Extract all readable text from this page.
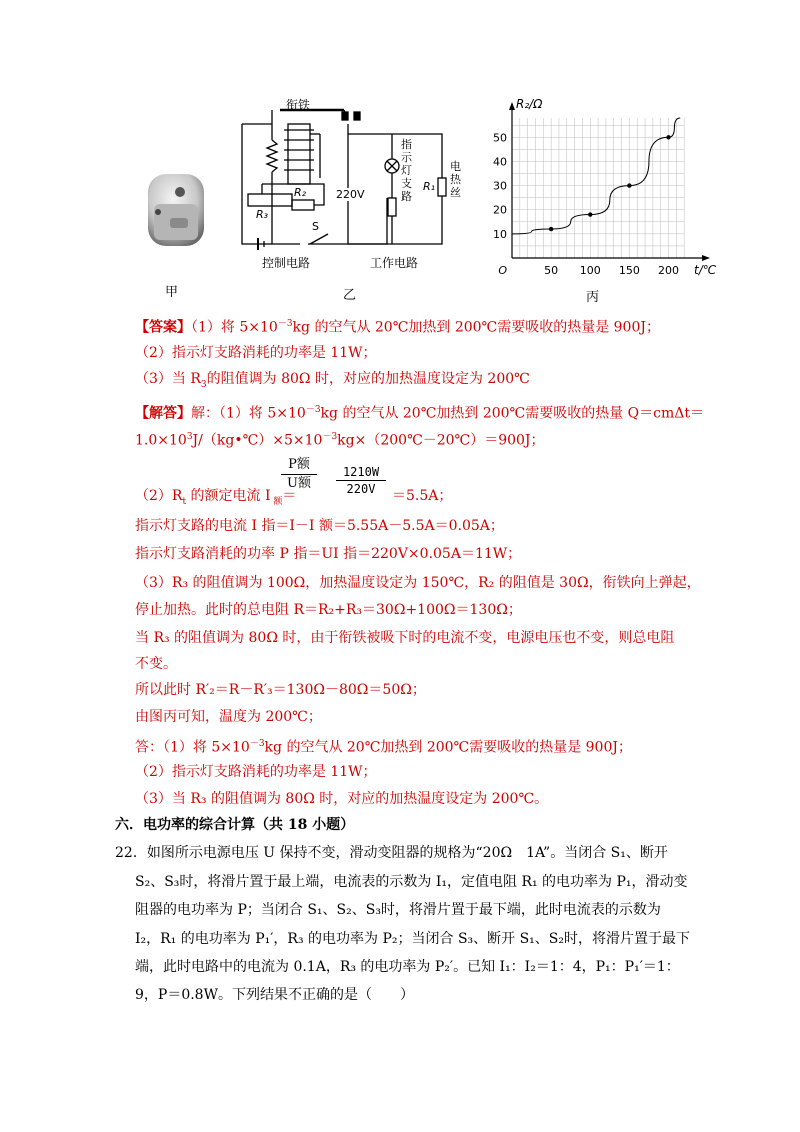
甲
衔铁
R₂
R₃
S
控制电路
220V
指
示
灯
支
路
R₁
电
热
丝
工作电路
乙
50 100 150 200
10
20
30
40
50
O
R₂/Ω
t/℃
丙
【答案】（1）将 $5\times 10^{-3}kg$ 的空气从 20℃加热到 200℃需要吸收的热量是 900J；
（2）指示灯支路消耗的功率是 11W；
（3）当 $R_3$的阻值调为 80Ω 时，对应的加热温度设定为 200℃
【解答】解：（1）将 $5\times 10^{-3}kg$ 的空气从 20℃加热到 200℃需要吸收的热量 Q＝cmΔt＝
$1.0\times 10^3J/(kg•℃)\times 5\times 10^{-3}kg\times(200℃-20℃)=900J$；
$(2)R_t$ 的额定电流 I $_额$＝
P额
U额
1210W
220V	＝5.5A；
指示灯支路的电流 I 指＝I－I 额＝5.55A－5.5A＝0.05A；
指示灯支路消耗的功率 P 指＝UI 指＝220V×0.05A＝11W；
（3）R₃ 的阻值调为 100Ω，加热温度设定为 150℃，R₂ 的阻值是 30Ω，衔铁向上弹起，
停止加热。此时的总电阻 R＝R₂+R₃＝30Ω+100Ω＝130Ω；
当 R₃ 的阻值调为 80Ω 时，由于衔铁被吸下时的电流不变，电源电压也不变，则总电阻
不变。
所以此时 R′₂＝R－R′₃＝130Ω－80Ω＝50Ω；
由图丙可知，温度为 200℃；
答：（1）将 $5\times 10^{-3}kg$ 的空气从 20℃加热到 200℃需要吸收的热量是 900J；
（2）指示灯支路消耗的功率是 11W；
（3）当 R₃ 的阻值调为 80Ω 时，对应的加热温度设定为 200℃。
六．电功率的综合计算（共 18 小题）
22．如图所示电源电压 U 保持不变，滑动变阻器的规格为“20Ω　1A”。当闭合 S₁、断开
S₂、S₃时，将滑片置于最上端，电流表的示数为 I₁，定值电阻 R₁ 的电功率为 P₁，滑动变
阻器的电功率为 P；当闭合 S₁、S₂、S₃时，将滑片置于最下端，此时电流表的示数为
I₂，R₁ 的电功率为 P₁′，R₃ 的电功率为 P₂；当闭合 S₃、断开 S₁、S₂时，将滑片置于最下
端，此时电路中的电流为 0.1A，R₃ 的电功率为 P₂′。已知 I₁：I₂＝1：4，P₁：P₁′＝1：
9，P＝0.8W。下列结果不正确的是（　　）
